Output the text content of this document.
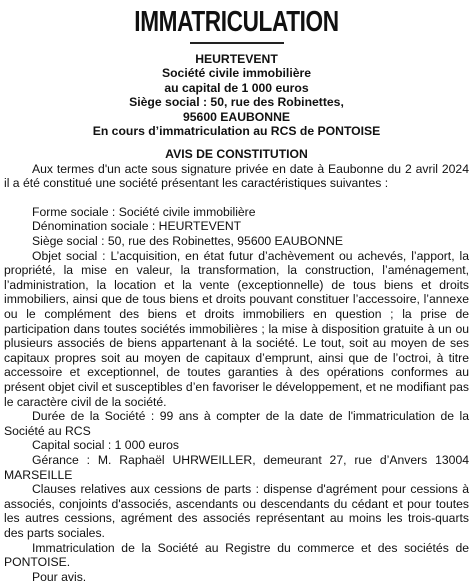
IMMATRICULATION
HEURTEVENT
Société civile immobilière
au capital de 1 000 euros
Siège social : 50, rue des Robinettes,
95600 EAUBONNE
En cours d’immatriculation au RCS de PONTOISE
AVIS DE CONSTITUTION

Aux termes d'un acte sous signature privée en date à Eaubonne du 2 avril 2024 il a été constitué une société présentant les caractéristiques suivantes :

Forme sociale : Société civile immobilière

Dénomination sociale : HEURTEVENT

Siège social : 50, rue des Robinettes, 95600 EAUBONNE

Objet social : L’acquisition, en état futur d’achèvement ou achevés, l’apport, la propriété, la mise en valeur, la transformation, la construction, l’aménagement, l’administration, la location et la vente (exceptionnelle) de tous biens et droits immobiliers, ainsi que de tous biens et droits pouvant constituer l’accessoire, l’annexe ou le complément des biens et droits immobiliers en question ; la prise de participation dans toutes sociétés immobilières ; la mise à disposition gratuite à un ou plusieurs associés de biens appartenant à la société. Le tout, soit au moyen de ses capitaux propres soit au moyen de capitaux d’emprunt, ainsi que de l’octroi, à titre accessoire et exceptionnel, de toutes garanties à des opérations conformes au présent objet civil et susceptibles d’en favoriser le développement, et ne modifiant pas le caractère civil de la société.

Durée de la Société : 99 ans à compter de la date de l'immatriculation de la Société au RCS

Capital social : 1 000 euros

Gérance : M. Raphaël UHRWEILLER, demeurant 27, rue d’Anvers 13004 MARSEILLE

Clauses relatives aux cessions de parts : dispense d'agrément pour cessions à associés, conjoints d'associés, ascendants ou descendants du cédant et pour toutes les autres cessions, agrément des associés représentant au moins les trois-quarts des parts sociales.

Immatriculation de la Société au Registre du commerce et des sociétés de PONTOISE.

Pour avis.
